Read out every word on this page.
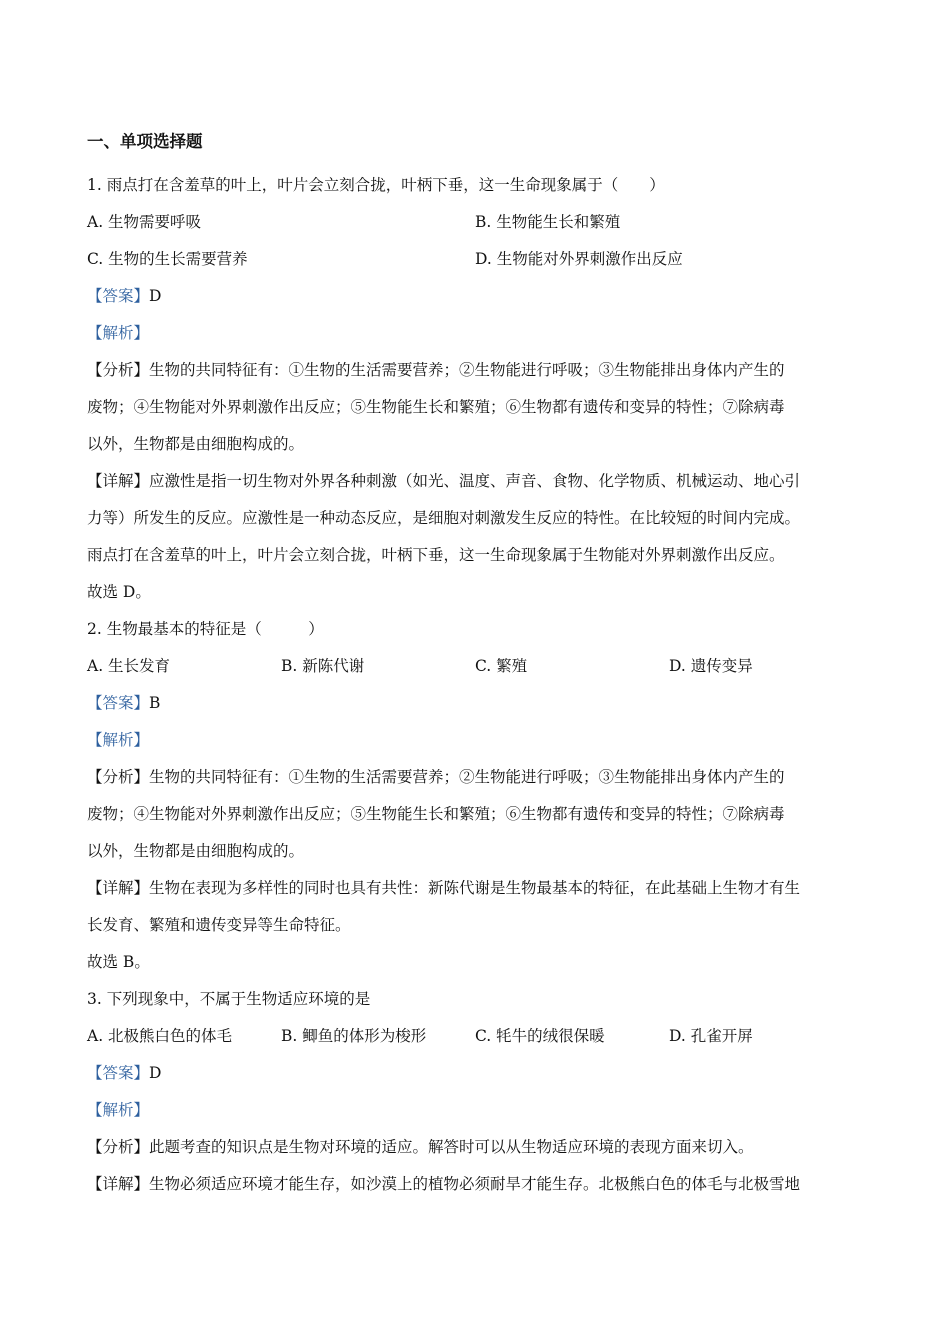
一、单项选择题
1. 雨点打在含羞草的叶上，叶片会立刻合拢，叶柄下垂，这一生命现象属于（　　）
A. 生物需要呼吸	B. 生物能生长和繁殖
C. 生物的生长需要营养	D. 生物能对外界刺激作出反应
【答案】D
【解析】
【分析】生物的共同特征有：①生物的生活需要营养；②生物能进行呼吸；③生物能排出身体内产生的
废物；④生物能对外界刺激作出反应；⑤生物能生长和繁殖；⑥生物都有遗传和变异的特性；⑦除病毒
以外，生物都是由细胞构成的。
【详解】应激性是指一切生物对外界各种刺激（如光、温度、声音、食物、化学物质、机械运动、地心引
力等）所发生的反应。应激性是一种动态反应，是细胞对刺激发生反应的特性。在比较短的时间内完成。
雨点打在含羞草的叶上，叶片会立刻合拢，叶柄下垂，这一生命现象属于生物能对外界刺激作出反应。
故选 D。
2. 生物最基本的特征是（　　　）
A. 生长发育	B. 新陈代谢	C. 繁殖	D. 遗传变异
【答案】B
【解析】
【分析】生物的共同特征有：①生物的生活需要营养；②生物能进行呼吸；③生物能排出身体内产生的
废物；④生物能对外界刺激作出反应；⑤生物能生长和繁殖；⑥生物都有遗传和变异的特性；⑦除病毒
以外，生物都是由细胞构成的。
【详解】生物在表现为多样性的同时也具有共性：新陈代谢是生物最基本的特征，在此基础上生物才有生
长发育、繁殖和遗传变异等生命特征。
故选 B。
3. 下列现象中，不属于生物适应环境的是
A. 北极熊白色的体毛	B. 鲫鱼的体形为梭形	C. 牦牛的绒很保暖	D. 孔雀开屏
【答案】D
【解析】
【分析】此题考查的知识点是生物对环境的适应。解答时可以从生物适应环境的表现方面来切入。
【详解】生物必须适应环境才能生存，如沙漠上的植物必须耐旱才能生存。北极熊白色的体毛与北极雪地
